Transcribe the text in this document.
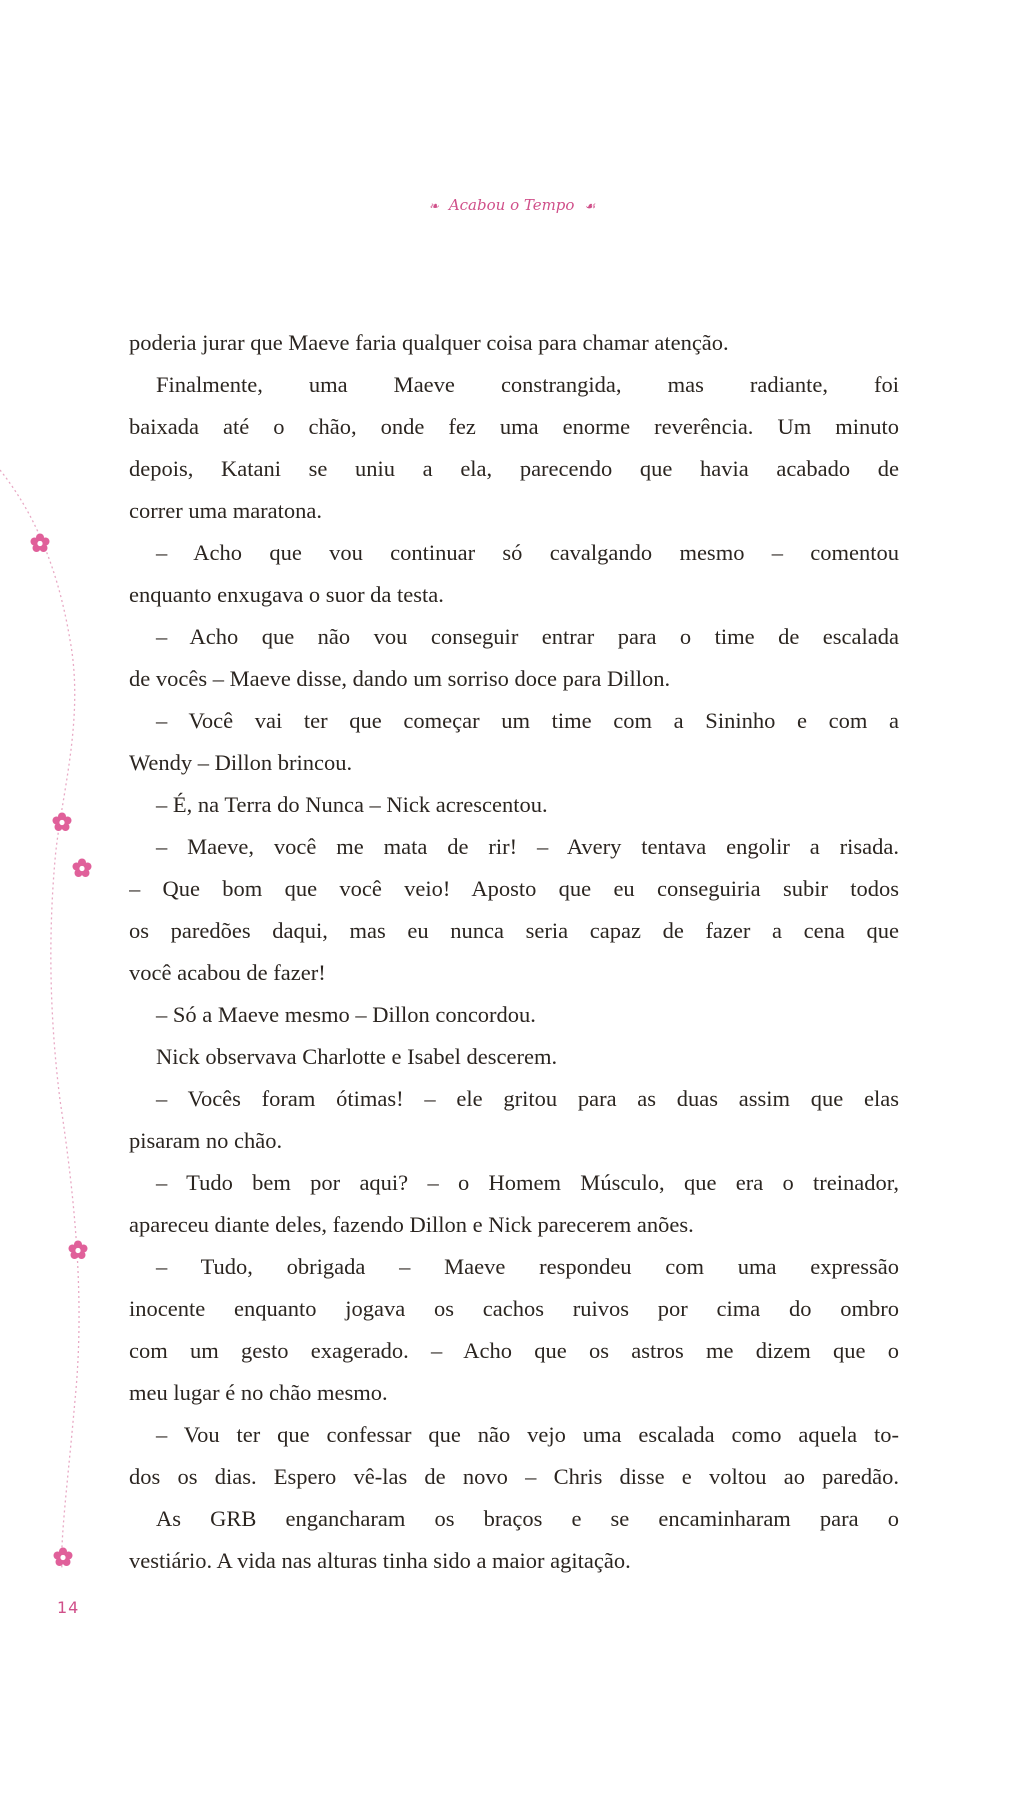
❧ Acabou o Tempo ☙
poderia jurar que Maeve faria qualquer coisa para chamar atenção.
Finalmente, uma Maeve constrangida, mas radiante, foi
baixada até o chão, onde fez uma enorme reverência. Um minuto
depois, Katani se uniu a ela, parecendo que havia acabado de
correr uma maratona.
– Acho que vou continuar só cavalgando mesmo – comentou
enquanto enxugava o suor da testa.
– Acho que não vou conseguir entrar para o time de escalada
de vocês – Maeve disse, dando um sorriso doce para Dillon.
– Você vai ter que começar um time com a Sininho e com a
Wendy – Dillon brincou.
– É, na Terra do Nunca – Nick acrescentou.
– Maeve, você me mata de rir! – Avery tentava engolir a risada.
– Que bom que você veio! Aposto que eu conseguiria subir todos
os paredões daqui, mas eu nunca seria capaz de fazer a cena que
você acabou de fazer!
– Só a Maeve mesmo – Dillon concordou.
Nick observava Charlotte e Isabel descerem.
– Vocês foram ótimas! – ele gritou para as duas assim que elas
pisaram no chão.
– Tudo bem por aqui? – o Homem Músculo, que era o treinador,
apareceu diante deles, fazendo Dillon e Nick parecerem anões.
– Tudo, obrigada – Maeve respondeu com uma expressão
inocente enquanto jogava os cachos ruivos por cima do ombro
com um gesto exagerado. – Acho que os astros me dizem que o
meu lugar é no chão mesmo.
– Vou ter que confessar que não vejo uma escalada como aquela to-
dos os dias. Espero vê-las de novo – Chris disse e voltou ao paredão.
As GRB engancharam os braços e se encaminharam para o
vestiário. A vida nas alturas tinha sido a maior agitação.
14
